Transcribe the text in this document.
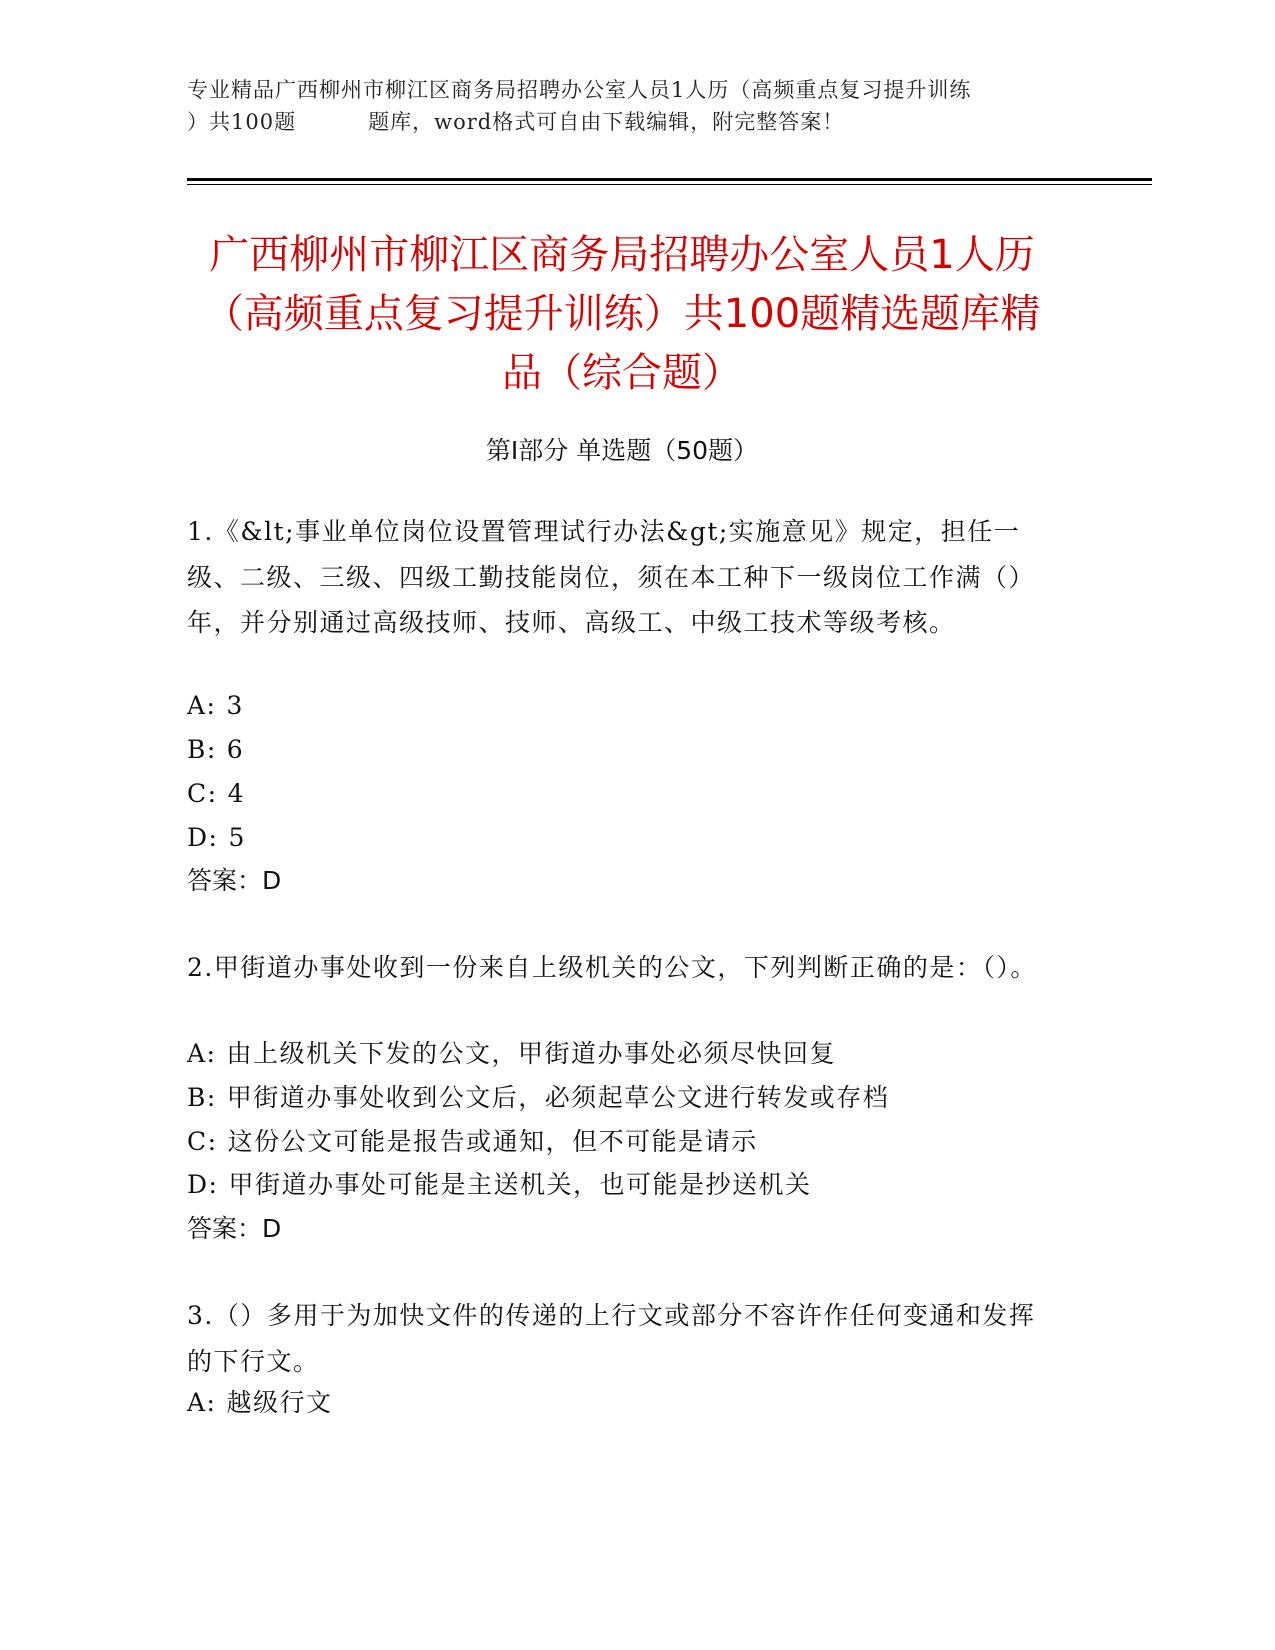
专业精品广西柳州市柳江区商务局招聘办公室人员1人历（高频重点复习提升训练
）共100题	题库，word格式可自由下载编辑，附完整答案！
广西柳州市柳江区商务局招聘办公室人员1人历（高频重点复习提升训练）共100题精选题库精品（综合题）
第I部分 单选题（50题）

1.《&lt;事业单位岗位设置管理试行办法&gt;实施意见》规定，担任一级、二级、三级、四级工勤技能岗位，须在本工种下一级岗位工作满（）年，并分别通过高级技师、技师、高级工、中级工技术等级考核。

A: 3
B: 6
C: 4
D: 5
答案：D

2.甲街道办事处收到一份来自上级机关的公文，下列判断正确的是：（）。

A: 由上级机关下发的公文，甲街道办事处必须尽快回复
B: 甲街道办事处收到公文后，必须起草公文进行转发或存档
C: 这份公文可能是报告或通知，但不可能是请示
D: 甲街道办事处可能是主送机关，也可能是抄送机关
答案：D

3.（）多用于为加快文件的传递的上行文或部分不容许作任何变通和发挥的下行文。

A: 越级行文
